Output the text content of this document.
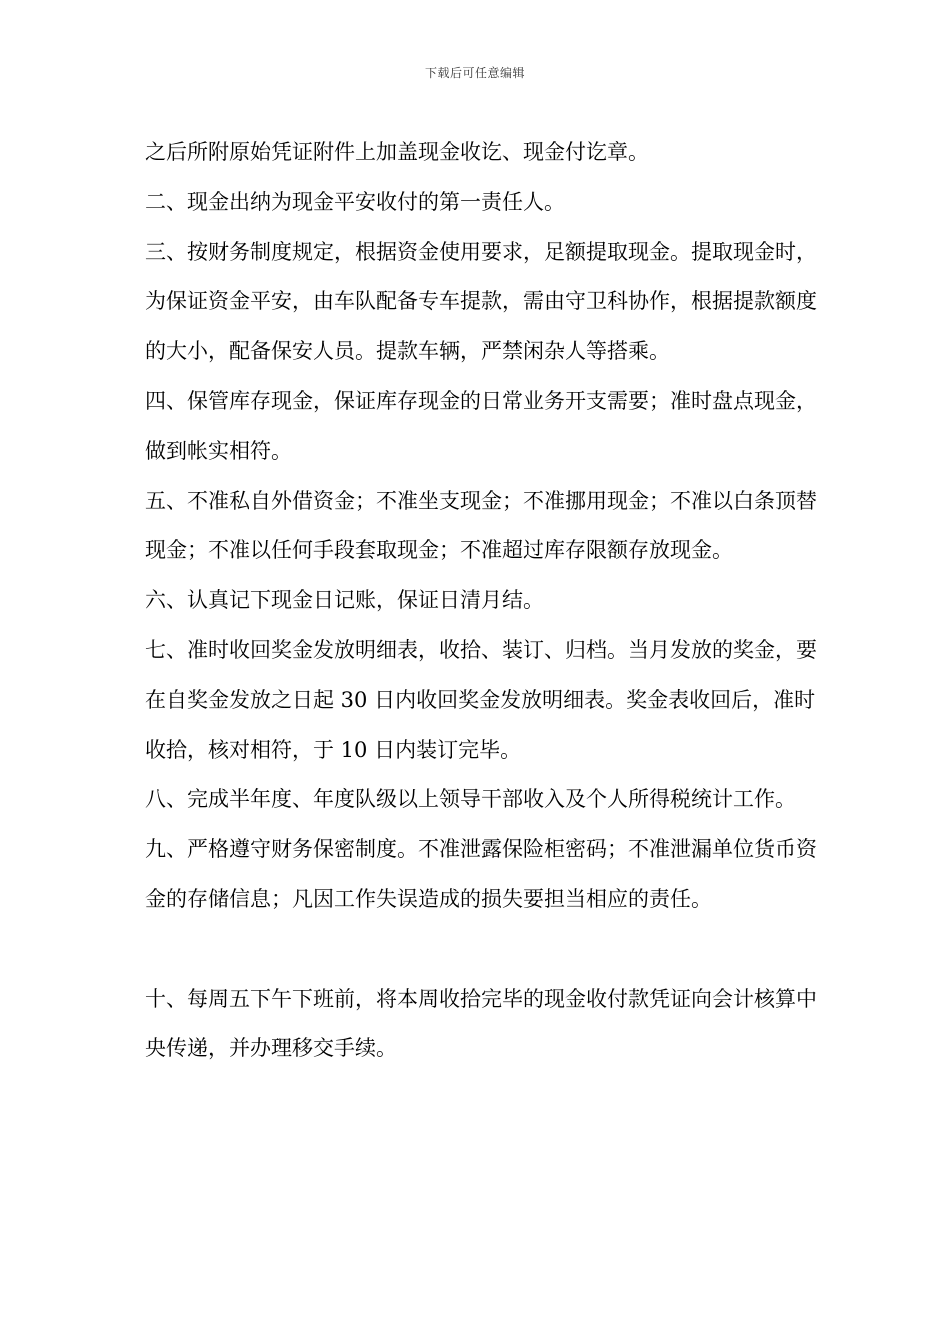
下载后可任意编辑

之后所附原始凭证附件上加盖现金收讫、现金付讫章。

二、现金出纳为现金平安收付的第一责任人。

三、按财务制度规定，根据资金使用要求，足额提取现金。提取现金时，为保证资金平安，由车队配备专车提款，需由守卫科协作，根据提款额度的大小，配备保安人员。提款车辆，严禁闲杂人等搭乘。

四、保管库存现金，保证库存现金的日常业务开支需要；准时盘点现金，做到帐实相符。

五、不准私自外借资金；不准坐支现金；不准挪用现金；不准以白条顶替现金；不准以任何手段套取现金；不准超过库存限额存放现金。

六、认真记下现金日记账，保证日清月结。

七、准时收回奖金发放明细表，收拾、装订、归档。当月发放的奖金，要在自奖金发放之日起 30 日内收回奖金发放明细表。奖金表收回后，准时收拾，核对相符，于 10 日内装订完毕。

八、完成半年度、年度队级以上领导干部收入及个人所得税统计工作。

九、严格遵守财务保密制度。不准泄露保险柜密码；不准泄漏单位货币资金的存储信息；凡因工作失误造成的损失要担当相应的责任。

十、每周五下午下班前，将本周收拾完毕的现金收付款凭证向会计核算中央传递，并办理移交手续。
